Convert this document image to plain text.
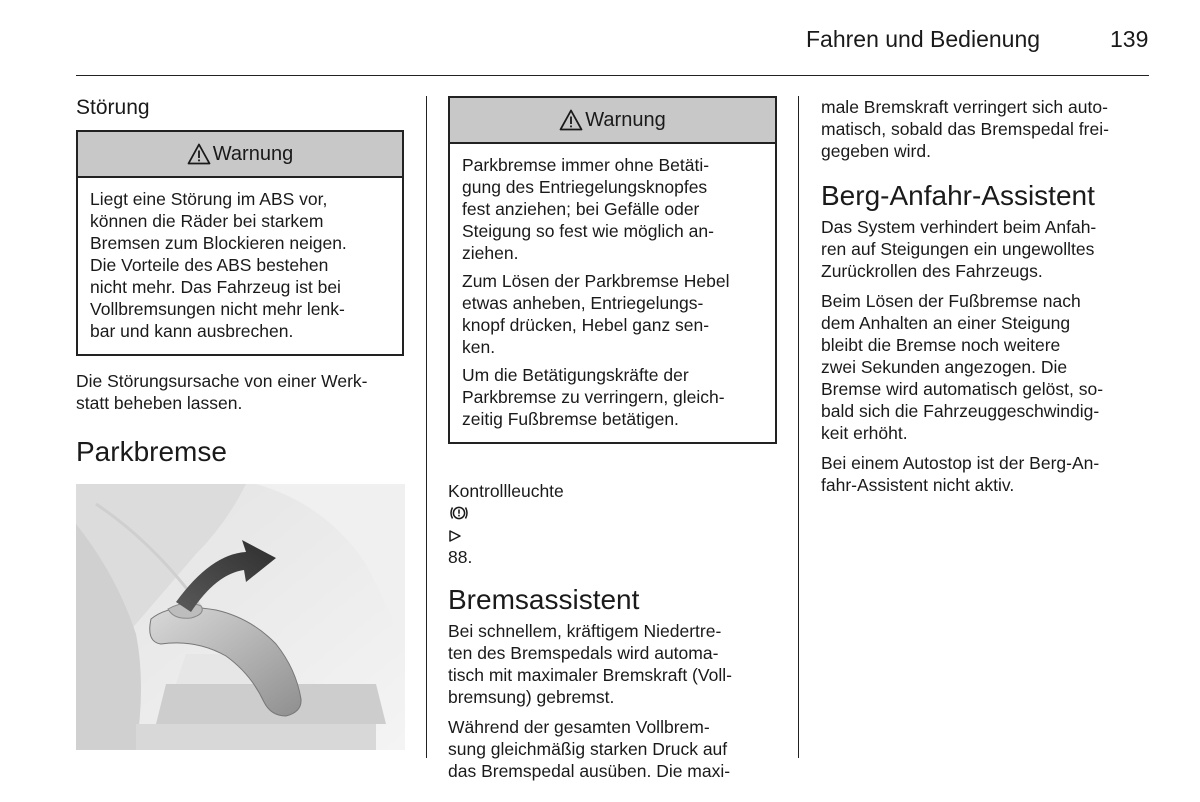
Fahren und Bedienung	139
Störung
Warnung

Liegt eine Störung im ABS vor,
können die Räder bei starkem
Bremsen zum Blockieren neigen.
Die Vorteile des ABS bestehen
nicht mehr. Das Fahrzeug ist bei
Vollbremsungen nicht mehr lenk-
bar und kann ausbrechen.

Die Störungsursache von einer Werk-
statt beheben lassen.

Parkbremse
Warnung

Parkbremse immer ohne Betäti-
gung des Entriegelungsknopfes
fest anziehen; bei Gefälle oder
Steigung so fest wie möglich an-
ziehen.

Zum Lösen der Parkbremse Hebel
etwas anheben, Entriegelungs-
knopf drücken, Hebel ganz sen-
ken.

Um die Betätigungskräfte der
Parkbremse zu verringern, gleich-
zeitig Fußbremse betätigen.

Kontrollleuchte

88.

Bremsassistent

Bei schnellem, kräftigem Niedertre-
ten des Bremspedals wird automa-
tisch mit maximaler Bremskraft (Voll-
bremsung) gebremst.

Während der gesamten Vollbrem-
sung gleichmäßig starken Druck auf
das Bremspedal ausüben. Die maxi-

male Bremskraft verringert sich auto-
matisch, sobald das Bremspedal frei-
gegeben wird.

Berg-Anfahr-Assistent

Das System verhindert beim Anfah-
ren auf Steigungen ein ungewolltes
Zurückrollen des Fahrzeugs.

Beim Lösen der Fußbremse nach
dem Anhalten an einer Steigung
bleibt die Bremse noch weitere
zwei Sekunden angezogen. Die
Bremse wird automatisch gelöst, so-
bald sich die Fahrzeuggeschwindig-
keit erhöht.

Bei einem Autostop ist der Berg-An-
fahr-Assistent nicht aktiv.
